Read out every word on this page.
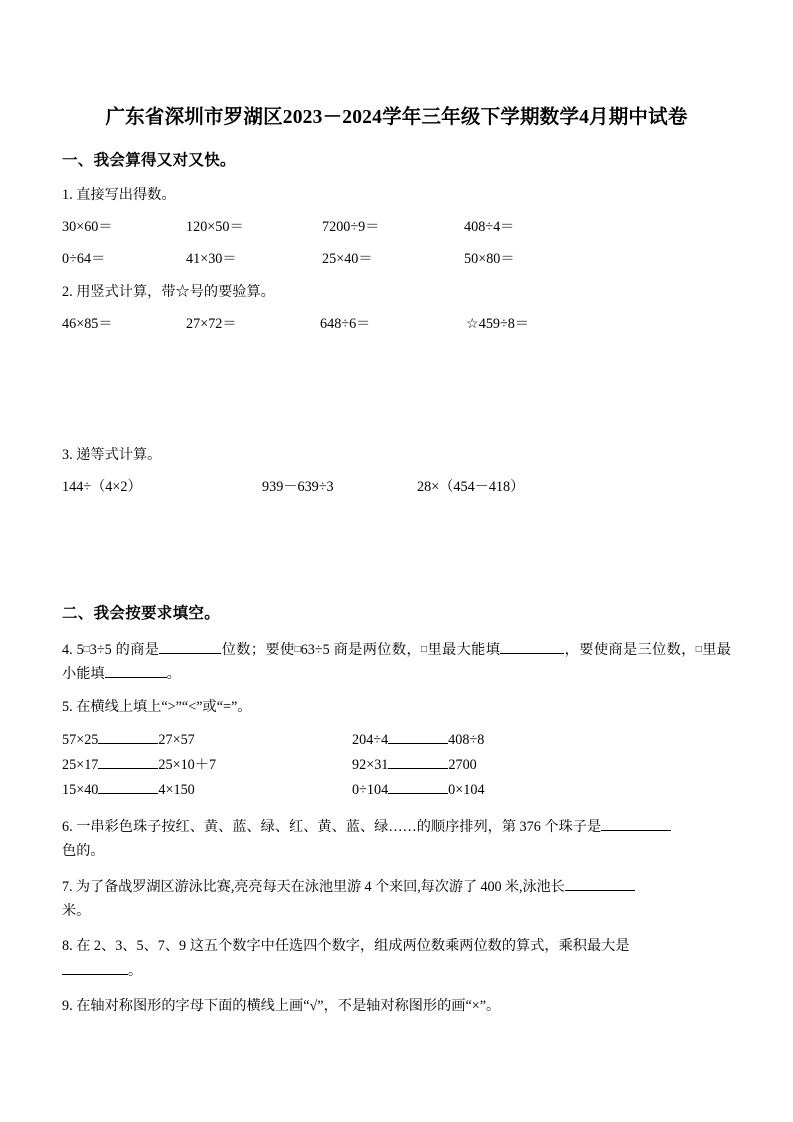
广东省深圳市罗湖区2023－2024学年三年级下学期数学4月期中试卷
一、我会算得又对又快。
1. 直接写出得数。
30×60＝	120×50＝	7200÷9＝	408÷4＝
0÷64＝	41×30＝	25×40＝	50×80＝
2. 用竖式计算，带☆号的要验算。
46×85＝	27×72＝	648÷6＝	☆459÷8＝
3. 递等式计算。
144÷（4×2）	939－639÷3	28×（454－418）
二、我会按要求填空。
4. 5□3÷5 的商是	位数；要使□63÷5 商是两位数，□里最大能填	，要使商是三位数，□里最小能填	。
5. 在横线上填上“>”“<”或“=”。
57×25	27×57	204÷4	408÷8
25×17	25×10＋7	92×31	2700
15×40	4×150	0÷104	0×104
6. 一串彩色珠子按红、黄、蓝、绿、红、黄、蓝、绿……的顺序排列，第 376 个珠子是
色的。
7. 为了备战罗湖区游泳比赛,亮亮每天在泳池里游 4 个来回,每次游了 400 米,泳池长
米。
8. 在 2、3、5、7、9 这五个数字中任选四个数字，组成两位数乘两位数的算式，乘积最大是
。
9. 在轴对称图形的字母下面的横线上画“√”，不是轴对称图形的画“×”。
